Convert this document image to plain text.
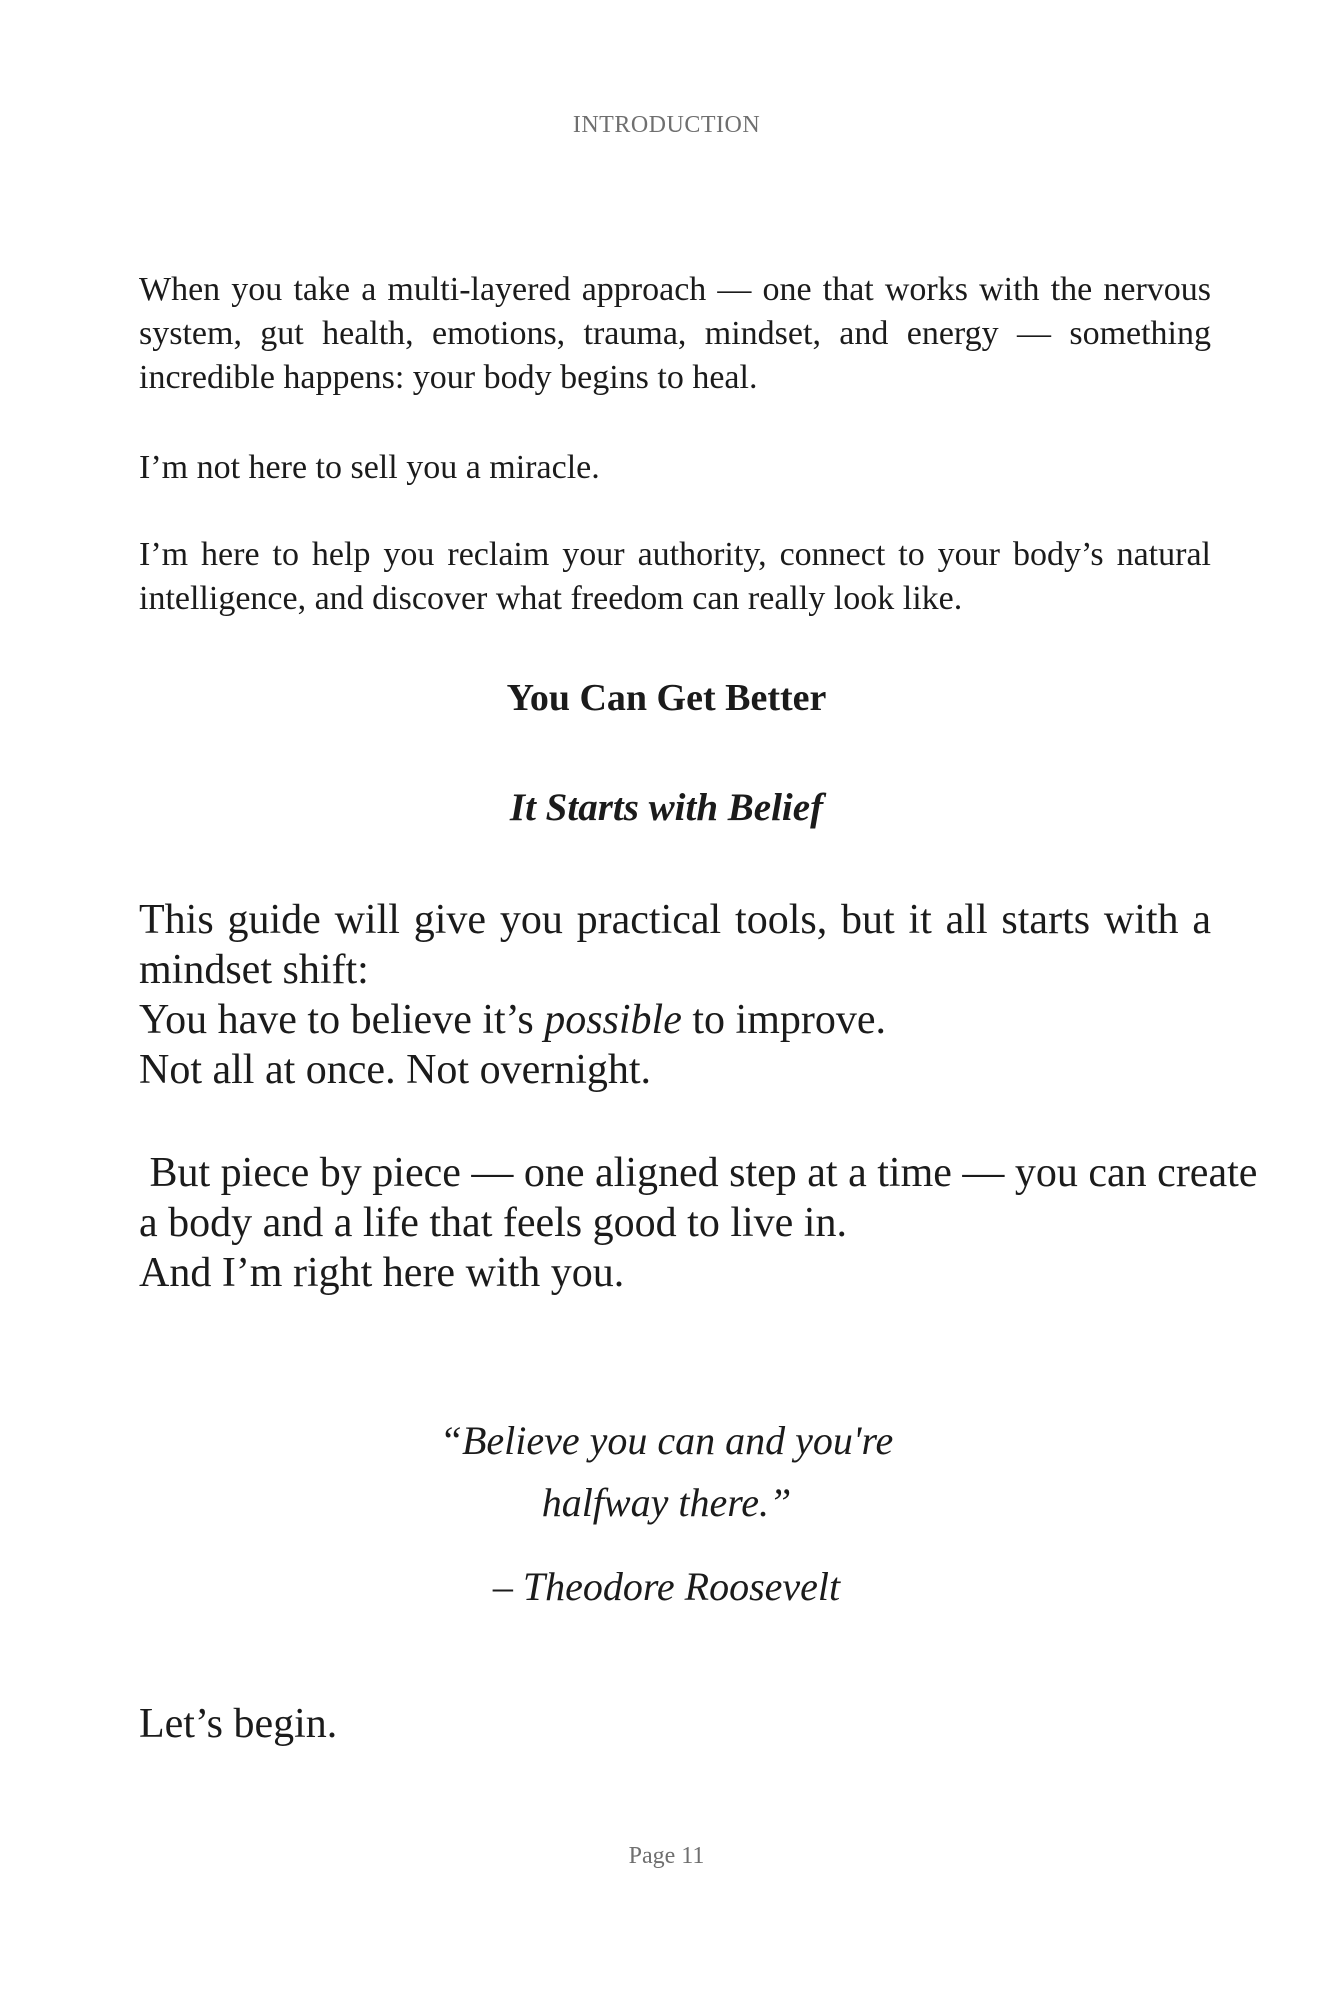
INTRODUCTION

When you take a multi-layered approach — one that works with the nervous
system, gut health, emotions, trauma, mindset, and energy — something
incredible happens: your body begins to heal.

I’m not here to sell you a miracle.

I’m here to help you reclaim your authority, connect to your body’s natural
intelligence, and discover what freedom can really look like.

You Can Get Better
It Starts with Belief

This guide will give you practical tools, but it all starts with a
mindset shift:
You have to believe it’s possible to improve.
Not all at once. Not overnight.

But piece by piece — one aligned step at a time — you can create
a body and a life that feels good to live in.
And I’m right here with you.

“Believe you can and you're
halfway there.”

– Theodore Roosevelt

Let’s begin.

Page 11
